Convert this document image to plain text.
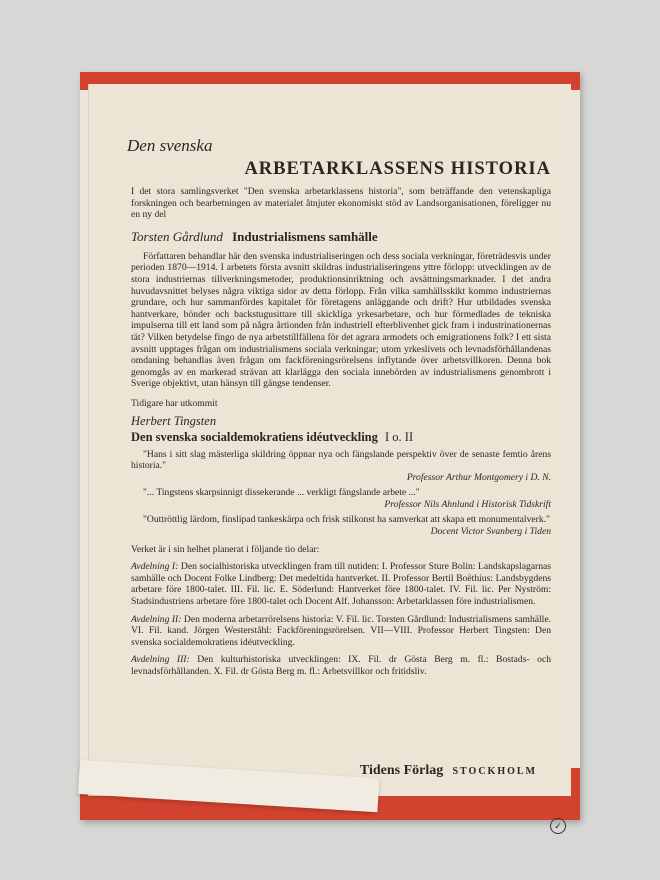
Den svenska
ARBETARKLASSENS HISTORIA

I det stora samlingsverket "Den svenska arbetarklassens historia", som beträffande den vetenskapliga forskningen och bearbetningen av materialet åtnjuter ekonomiskt stöd av Landsorganisationen, föreligger nu en ny del

Torsten Gårdlund Industrialismens samhälle

Författaren behandlar här den svenska industrialiseringen och dess sociala verkningar, företrädesvis under perioden 1870—1914. I arbetets första avsnitt skildras industrialiseringens yttre förlopp: utvecklingen av de stora industriernas tillverkningsmetoder, produktionsinriktning och avsättningsmarknader. I det andra huvudavsnittet belyses några viktiga sidor av detta förlopp. Från vilka samhällsskikt kommo industriernas grundare, och hur sammanfördes kapitalet för företagens anläggande och drift? Hur utbildades svenska hantverkare, bönder och backstugusittare till skickliga yrkesarbetare, och hur förmedlades de tekniska impulserna till ett land som på några årtionden från industriell efterblivenhet gick fram i industrinationernas tät? Vilken betydelse fingo de nya arbetstillfällena för det agrara armodets och emigrationens folk? I ett sista avsnitt upptages frågan om industrialismens sociala verkningar; utom yrkeslivets och levnadsförhållandenas omdaning behandlas även frågan om fackföreningsrörelsens inflytande över arbetsvillkoren. Denna bok genomgås av en markerad strävan att klarlägga den sociala innebörden av industrialismens genombrott i Sverige objektivt, utan hänsyn till gängse tendenser.

Tidigare har utkommit
Herbert Tingsten
Den svenska socialdemokratiens idéutveckling I o. II

"Hans i sitt slag mästerliga skildring öppnar nya och fängslande perspektiv över de senaste femtio årens historia."

Professor Arthur Montgomery i D. N.

"... Tingstens skarpsinnigt dissekerande ... verkligt fängslande arbete ..."

Professor Nils Ahnlund i Historisk Tidskrift

"Outtröttlig lärdom, finslipad tankeskärpa och frisk stilkonst ha samverkat att skapa ett monumentalverk."

Docent Victor Svanberg i Tiden

Verket är i sin helhet planerat i följande tio delar:

Avdelning I: Den socialhistoriska utvecklingen fram till nutiden: I. Professor Sture Bolin: Landskapslagarnas samhälle och Docent Folke Lindberg: Det medeltida hantverket. II. Professor Bertil Boëthius: Landsbygdens arbetare före 1800-talet. III. Fil. lic. E. Söderlund: Hantverket före 1800-talet. IV. Fil. lic. Per Nyström: Stadsindustriens arbetare före 1800-talet och Docent Alf. Johansson: Arbetarklassen före industrialismen.

Avdelning II: Den moderna arbetarrörelsens historia: V. Fil. lic. Torsten Gårdlund: Industrialismens samhälle. VI. Fil. kand. Jörgen Westerståhl: Fackföreningsrörelsen. VII—VIII. Professor Herbert Tingsten: Den svenska socialdemokratiens idéutveckling.

Avdelning III: Den kulturhistoriska utvecklingen: IX. Fil. dr Gösta Berg m. fl.: Bostads- och levnadsförhållanden. X. Fil. dr Gösta Berg m. fl.: Arbetsvillkor och fritidsliv.

Tidens Förlag STOCKHOLM
✓
